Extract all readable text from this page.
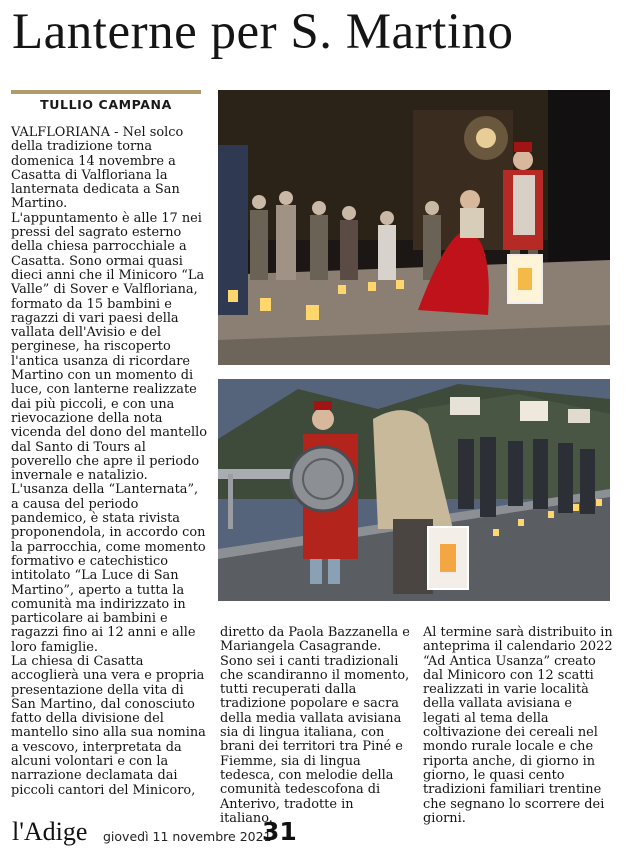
Lanterne per S. Martino
TULLIO CAMPANA

VALFLORIANA - Nel solco della tradizione torna domenica 14 novembre a Casatta di Valfloriana la lanternata dedicata a San Martino.

L'appuntamento è alle 17 nei pressi del sagrato esterno della chiesa parrocchiale a Casatta. Sono ormai quasi dieci anni che il Minicoro “La Valle” di Sover e Valfloriana, formato da 15 bambini e ragazzi di vari paesi della vallata dell'Avisio e del perginese, ha riscoperto l'antica usanza di ricordare Martino con un momento di luce, con lanterne realizzate dai più piccoli, e con una rievocazione della nota vicenda del dono del mantello dal Santo di Tours al poverello che apre il periodo invernale e natalizio.

L'usanza della “Lanternata”, a causa del periodo pandemico, è stata rivista proponendola, in accordo con la parrocchia, come momento formativo e catechistico intitolato “La Luce di San Martino”, aperto a tutta la comunità ma indirizzato in particolare ai bambini e ragazzi fino ai 12 anni e alle loro famiglie.

La chiesa di Casatta accoglierà una vera e propria presentazione della vita di San Martino, dal conosciuto fatto della divisione del mantello sino alla sua nomina a vescovo, interpretata da alcuni volontari e con la narrazione declamata dai piccoli cantori del Minicoro,

diretto da Paola Bazzanella e Mariangela Casagrande. Sono sei i canti tradizionali che scandiranno il momento, tutti recuperati dalla tradizione popolare e sacra della media vallata avisiana sia di lingua italiana, con brani dei territori tra Piné e Fiemme, sia di lingua tedesca, con melodie della comunità tedescofona di Anterivo, tradotte in italiano.

Al termine sarà distribuito in anteprima il calendario 2022 “Ad Antica Usanza” creato dal Minicoro con 12 scatti realizzati in varie località della vallata avisiana e legati al tema della coltivazione dei cereali nel mondo rurale locale e che riporta anche, di giorno in giorno, le quasi cento tradizioni familiari trentine che segnano lo scorrere dei giorni.

l'Adige giovedì 11 novembre 2021
31
